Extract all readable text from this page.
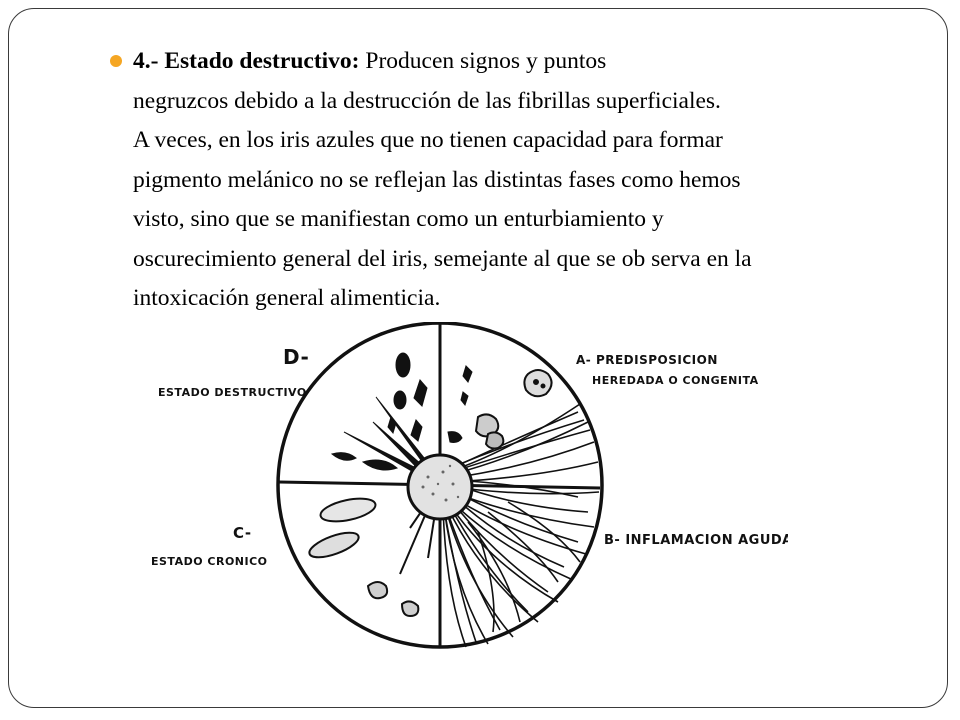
4.- Estado destructivo: Producen signos y puntos
negruzcos debido a la destrucción de las fibrillas superficiales.
A veces, en los iris azules que no tienen capacidad para formar
pigmento melánico no se reflejan las distintas fases como hemos
visto, sino que se manifiestan como un enturbiamiento y
oscurecimiento general del iris, semejante al que se ob serva en la
intoxicación general alimenticia.

D-
ESTADO DESTRUCTIVO
A- PREDISPOSICION
HEREDADA O CONGENITA
B- INFLAMACION AGUDA
C-
ESTADO CRONICO
